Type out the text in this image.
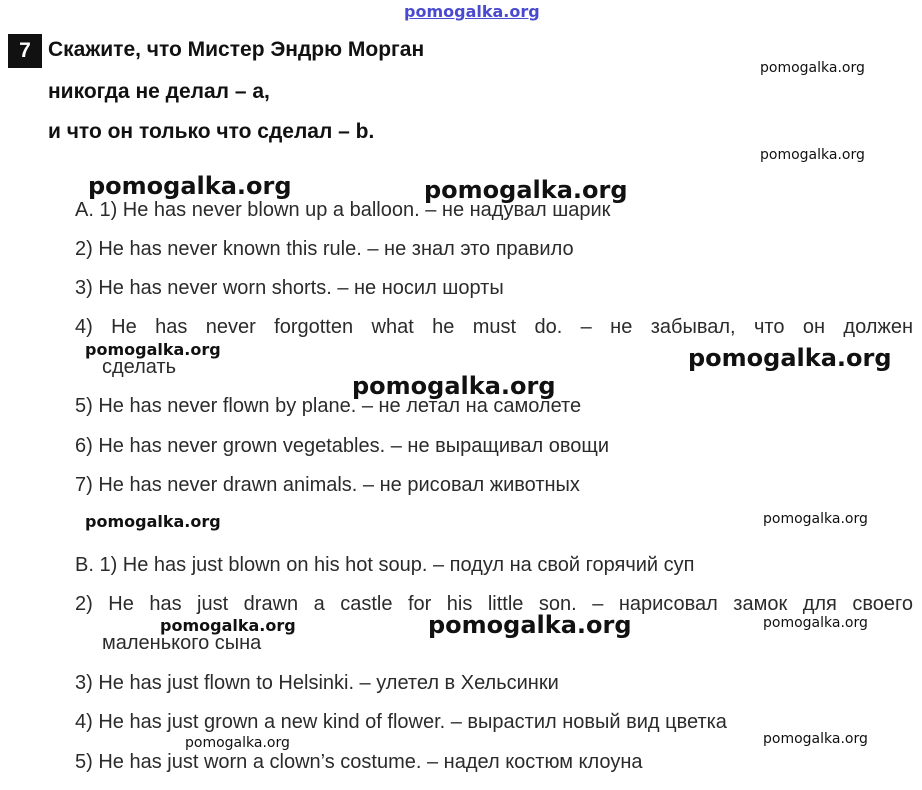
pomogalka.org
7 Скажите, что Мистер Эндрю Морган
никогда не делал – a,
и что он только что сделал – b.
A. 1) He has never blown up a balloon. – не надувал шарик
2) He has never known this rule. – не знал это правило
3) He has never worn shorts. – не носил шорты
4) He has never forgotten what he must do. – не забывал, что он должен
сделать
5) He has never flown by plane. – не летал на самолете
6) He has never grown vegetables. – не выращивал овощи
7) He has never drawn animals. – не рисовал животных
B. 1) He has just blown on his hot soup. – подул на свой горячий суп
2) He has just drawn a castle for his little son. – нарисовал замок для своего
маленького сына
3) He has just flown to Helsinki. – улетел в Хельсинки
4) He has just grown a new kind of flower. – вырастил новый вид цветка
5) He has just worn a clown’s costume. – надел костюм клоуна
pomogalka.org
pomogalka.org
pomogalka.org	pomogalka.org
pomogalka.org	pomogalka.org
pomogalka.org
pomogalka.org	pomogalka.org
pomogalka.org	pomogalka.org	pomogalka.org
pomogalka.org	pomogalka.org
